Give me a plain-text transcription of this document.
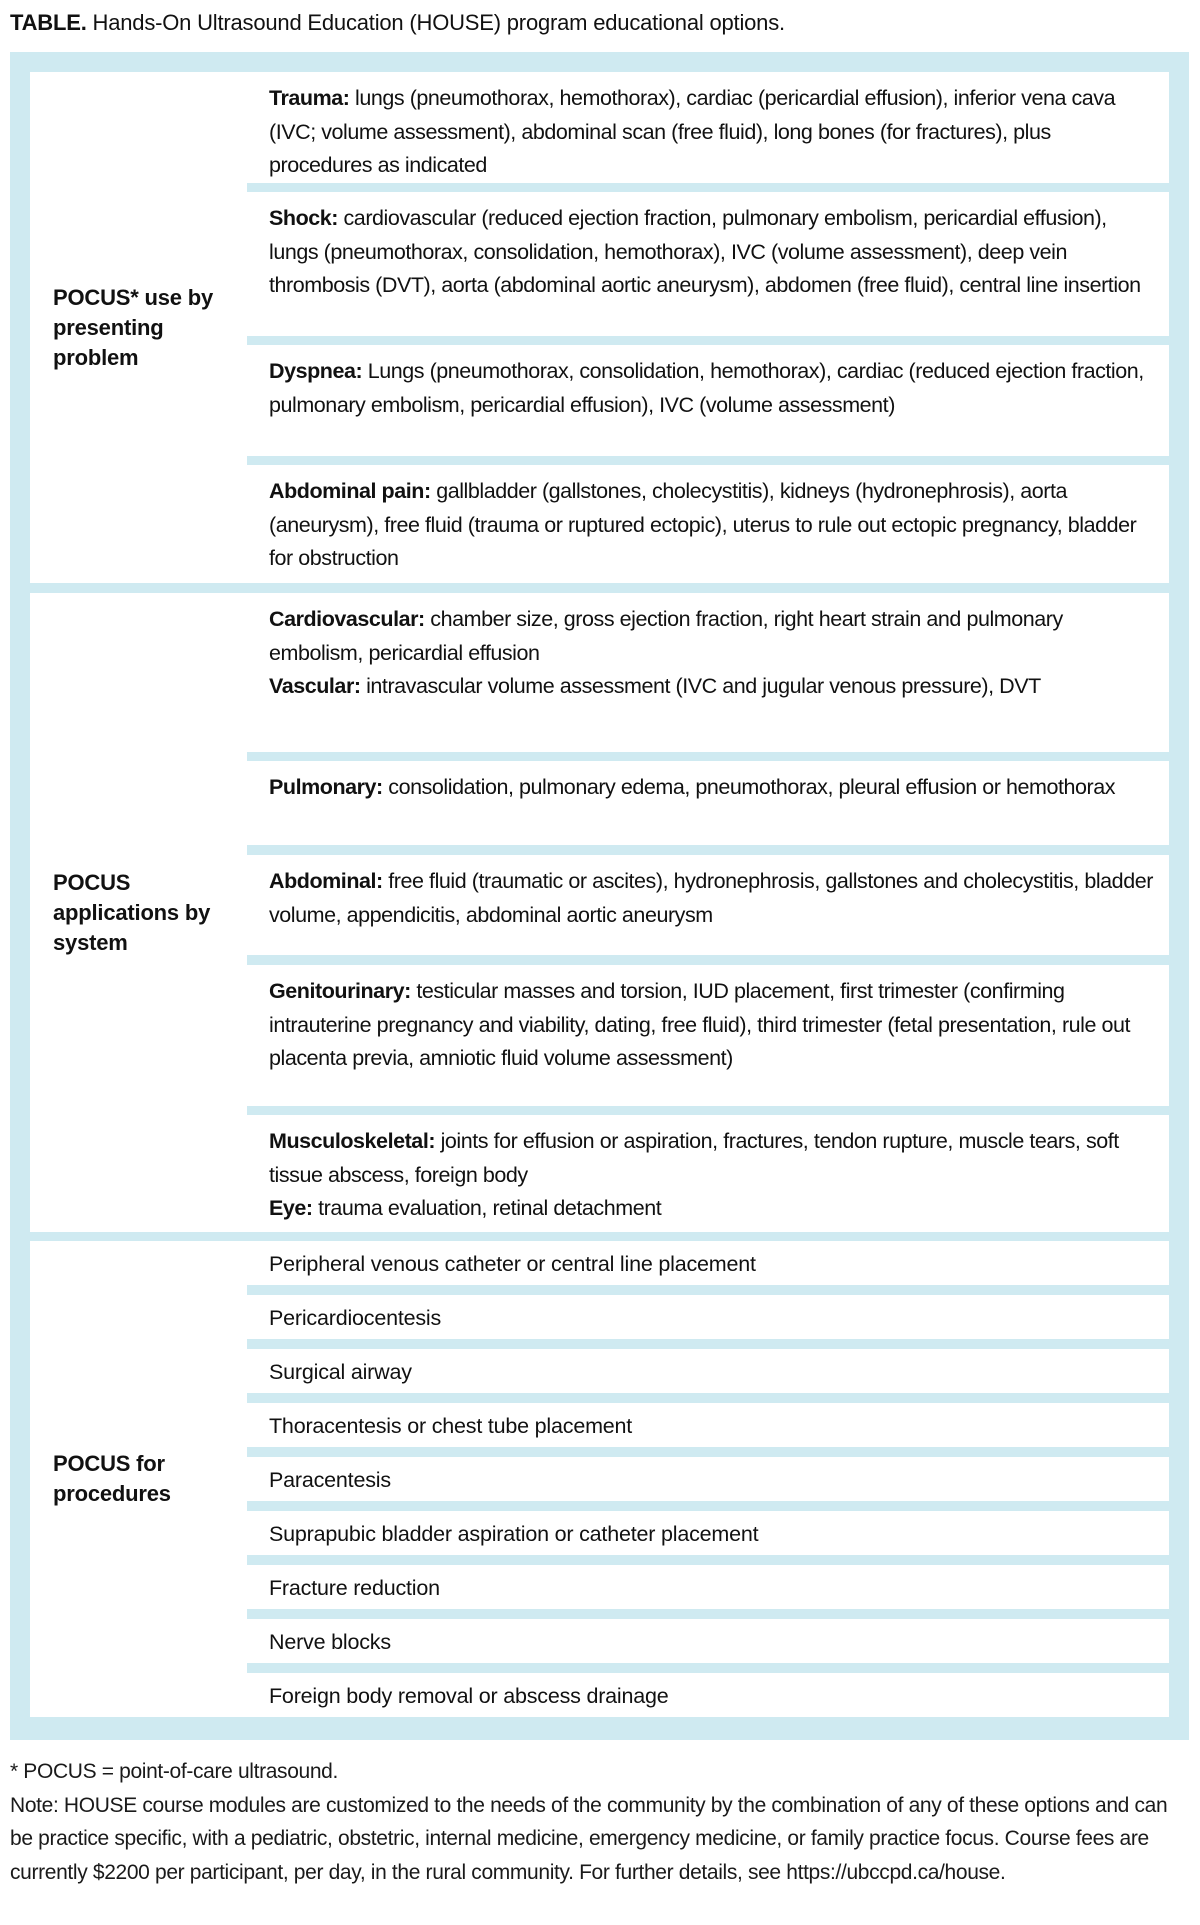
TABLE. Hands-On Ultrasound Education (HOUSE) program educational options.
POCUS* use by presenting problem
Trauma: lungs (pneumothorax, hemothorax), cardiac (pericardial effusion), inferior vena cava (IVC; volume assessment), abdominal scan (free fluid), long bones (for fractures), plus procedures as indicated
Shock: cardiovascular (reduced ejection fraction, pulmonary embolism, pericardial effusion), lungs (pneumothorax, consolidation, hemothorax), IVC (volume assessment), deep vein thrombosis (DVT), aorta (abdominal aortic aneurysm), abdomen (free fluid), central line insertion
Dyspnea: Lungs (pneumothorax, consolidation, hemothorax), cardiac (reduced ejection fraction, pulmonary embolism, pericardial effusion), IVC (volume assessment)
Abdominal pain: gallbladder (gallstones, cholecystitis), kidneys (hydronephrosis), aorta (aneurysm), free fluid (trauma or ruptured ectopic), uterus to rule out ectopic pregnancy, bladder for obstruction
POCUS applications by system
Cardiovascular: chamber size, gross ejection fraction, right heart strain and pulmonary embolism, pericardial effusion
Vascular: intravascular volume assessment (IVC and jugular venous pressure), DVT
Pulmonary: consolidation, pulmonary edema, pneumothorax, pleural effusion or hemothorax
Abdominal: free fluid (traumatic or ascites), hydronephrosis, gallstones and cholecystitis, bladder volume, appendicitis, abdominal aortic aneurysm
Genitourinary: testicular masses and torsion, IUD placement, first trimester (confirming intrauterine pregnancy and viability, dating, free fluid), third trimester (fetal presentation, rule out placenta previa, amniotic fluid volume assessment)
Musculoskeletal: joints for effusion or aspiration, fractures, tendon rupture, muscle tears, soft tissue abscess, foreign body
Eye: trauma evaluation, retinal detachment
POCUS for procedures
Peripheral venous catheter or central line placement
Pericardiocentesis
Surgical airway
Thoracentesis or chest tube placement
Paracentesis
Suprapubic bladder aspiration or catheter placement
Fracture reduction
Nerve blocks
Foreign body removal or abscess drainage

* POCUS = point-of-care ultrasound.

Note: HOUSE course modules are customized to the needs of the community by the combination of any of these options and can be practice specific, with a pediatric, obstetric, internal medicine, emergency medicine, or family practice focus. Course fees are currently $2200 per participant, per day, in the rural community. For further details, see https://ubccpd.ca/house.
